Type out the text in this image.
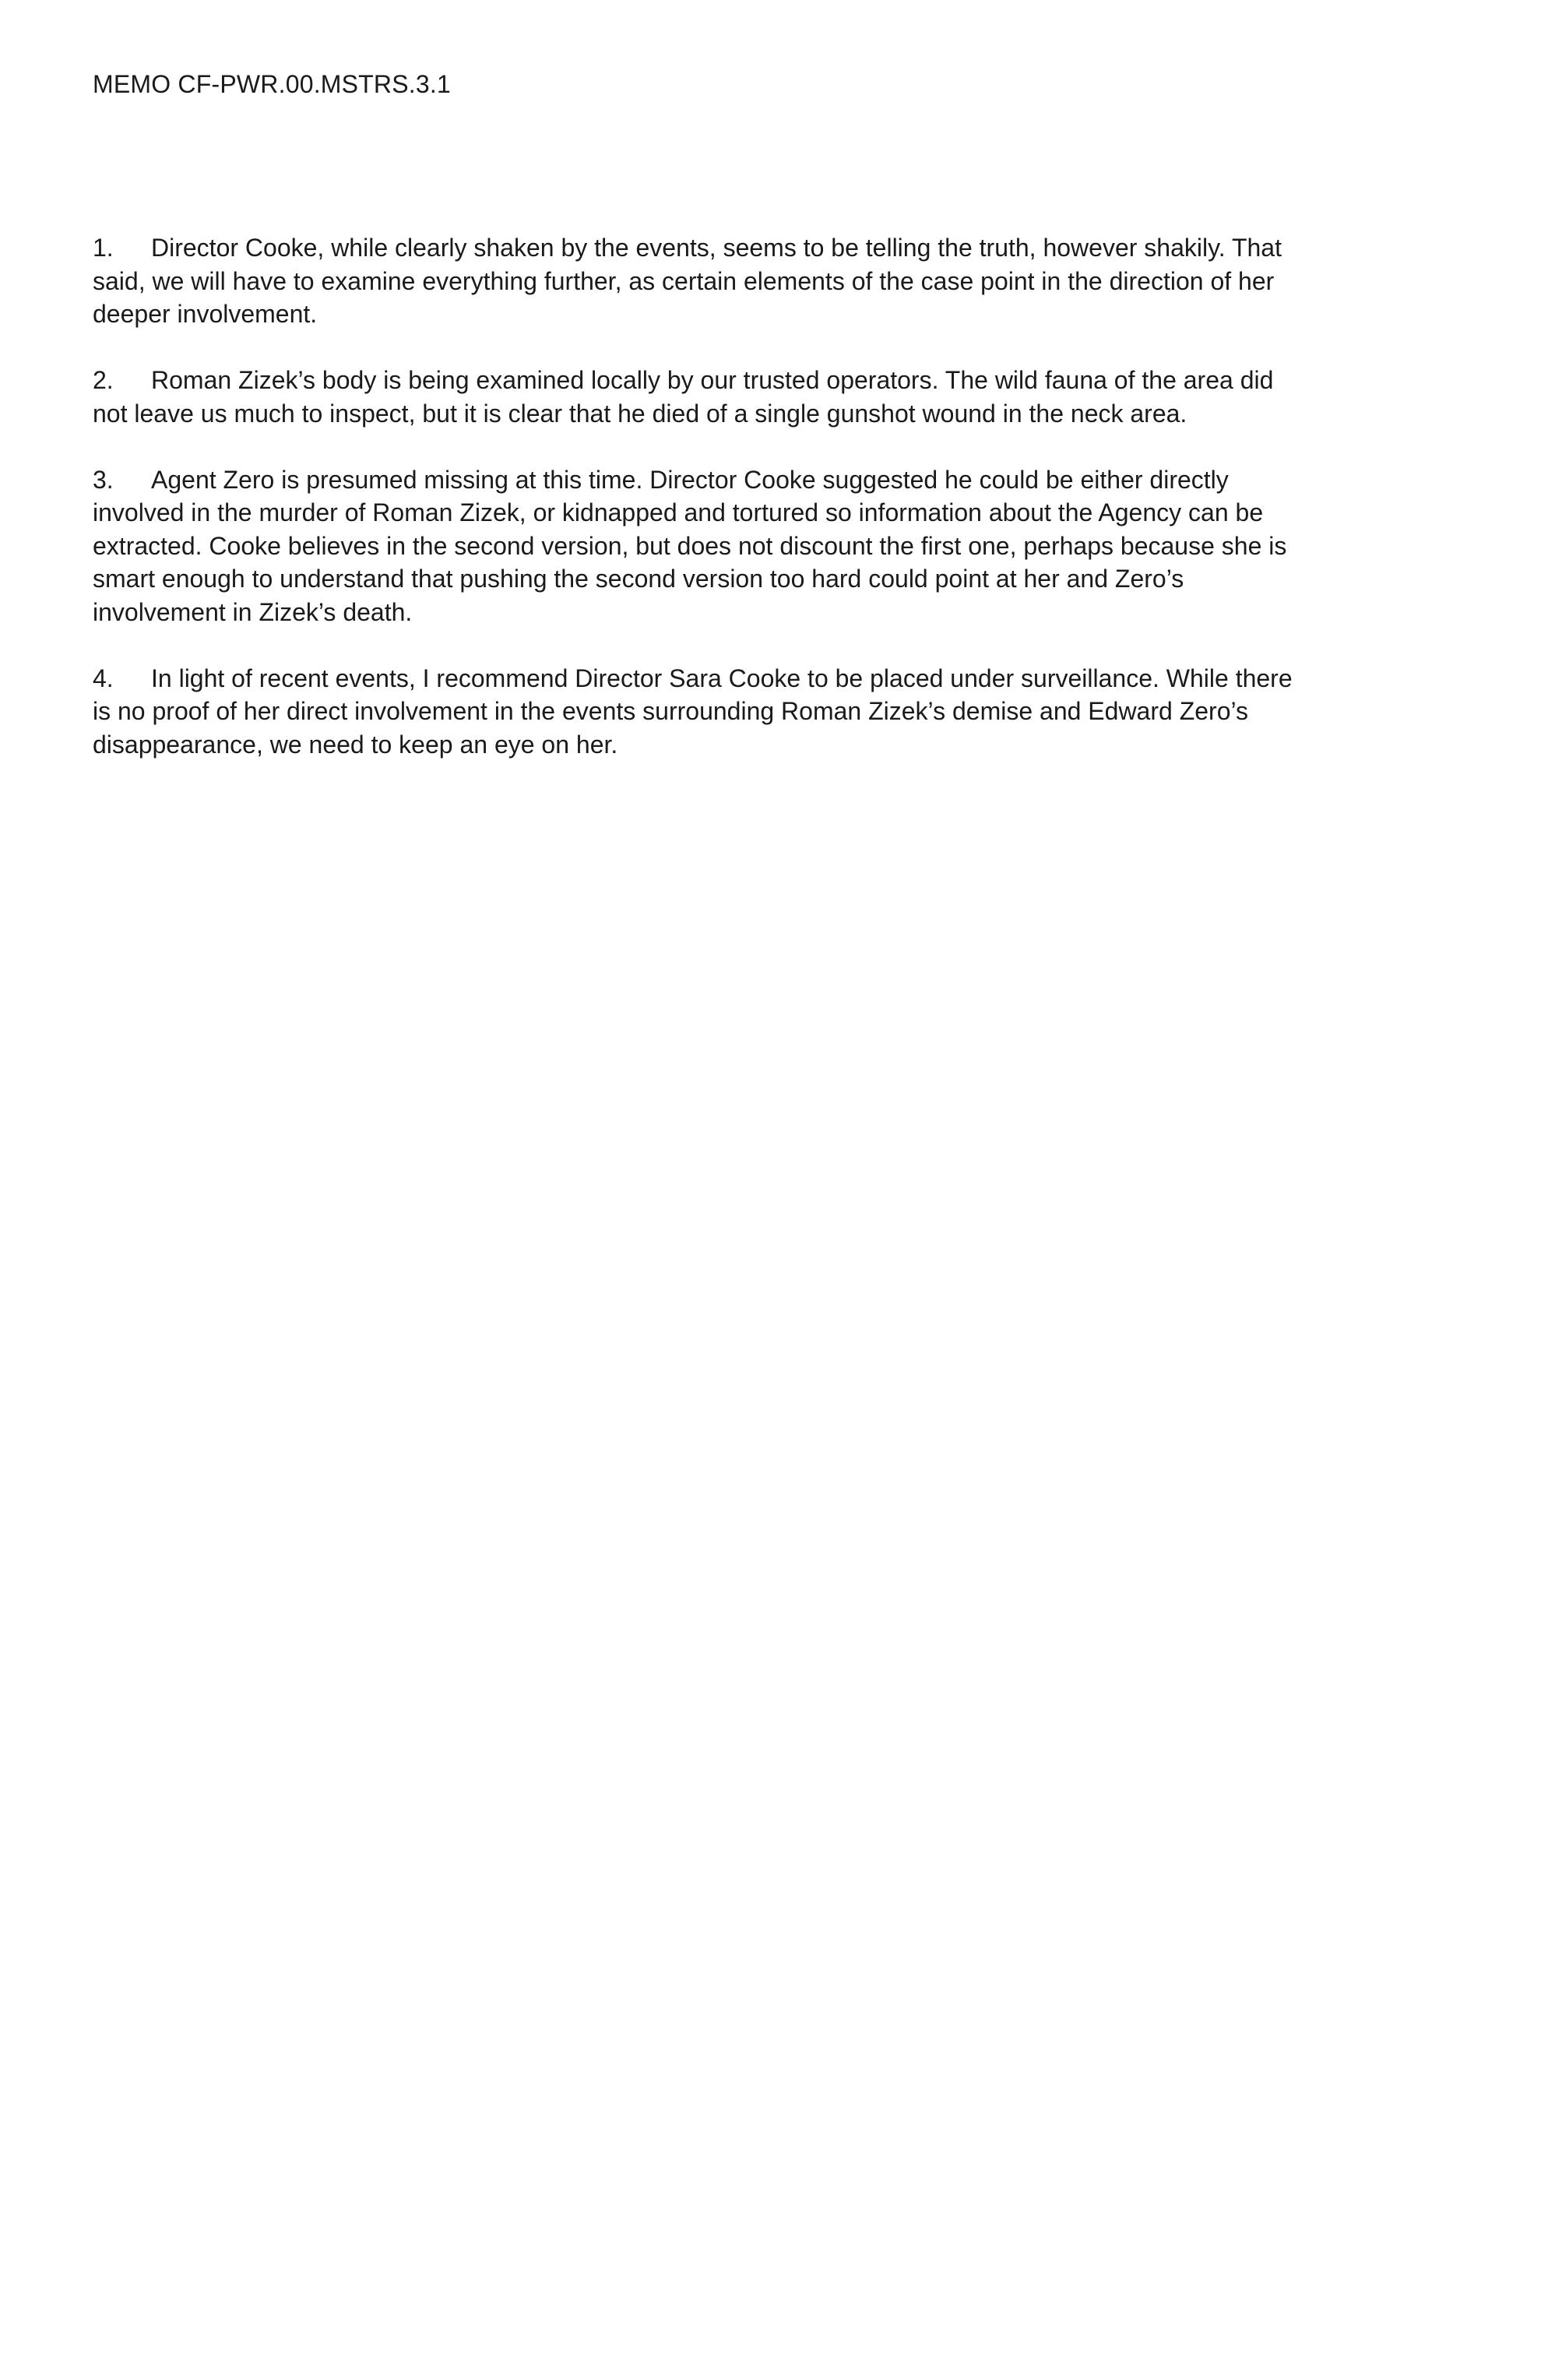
MEMO CF-PWR.00.MSTRS.3.1

1. Director Cooke, while clearly shaken by the events, seems to be telling the truth, however shakily. That said, we will have to examine everything further, as certain elements of the case point in the direction of her deeper involvement.

2. Roman Zizek’s body is being examined locally by our trusted operators. The wild fauna of the area did not leave us much to inspect, but it is clear that he died of a single gunshot wound in the neck area.

3. Agent Zero is presumed missing at this time. Director Cooke suggested he could be either directly involved in the murder of Roman Zizek, or kidnapped and tortured so information about the Agency can be extracted. Cooke believes in the second version, but does not discount the first one, perhaps because she is smart enough to understand that pushing the second version too hard could point at her and Zero’s involvement in Zizek’s death.

4. In light of recent events, I recommend Director Sara Cooke to be placed under surveillance. While there is no proof of her direct involvement in the events surrounding Roman Zizek’s demise and Edward Zero’s disappearance, we need to keep an eye on her.
